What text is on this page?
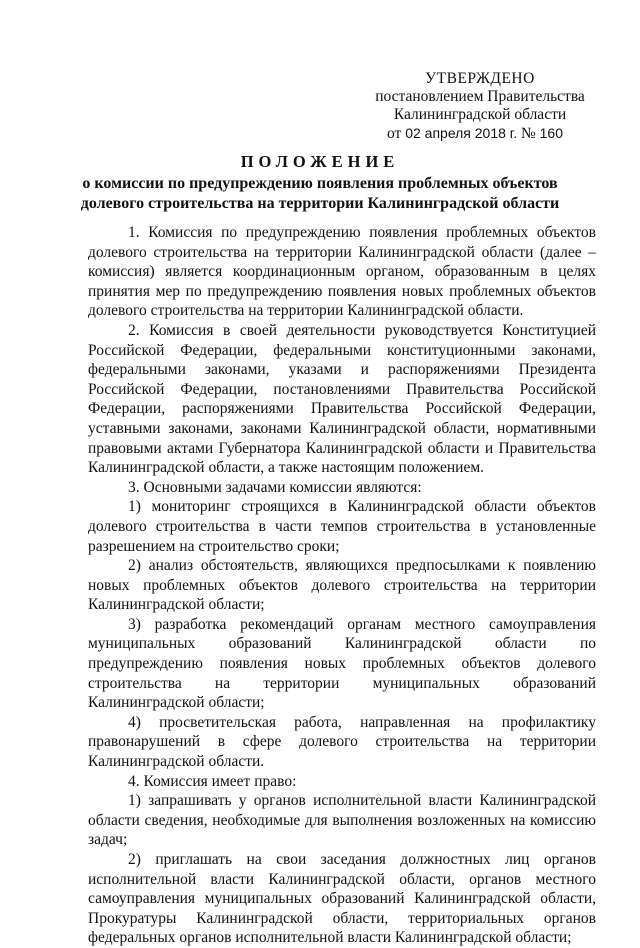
УТВЕРЖДЕНО
постановлением Правительства
Калининградской области
от 02 апреля 2018 г. № 160
ПОЛОЖЕНИЕ
о комиссии по предупреждению появления проблемных объектов
долевого строительства на территории Калининградской области

1. Комиссия по предупреждению появления проблемных объектов долевого строительства на территории Калининградской области (далее – комиссия) является координационным органом, образованным в целях принятия мер по предупреждению появления новых проблемных объектов долевого строительства на территории Калининградской области.

2. Комиссия в своей деятельности руководствуется Конституцией Российской Федерации, федеральными конституционными законами, федеральными законами, указами и распоряжениями Президента Российской Федерации, постановлениями Правительства Российской Федерации, распоряжениями Правительства Российской Федерации, уставными законами, законами Калининградской области, нормативными правовыми актами Губернатора Калининградской области и Правительства Калининградской области, а также настоящим положением.

3. Основными задачами комиссии являются:

1) мониторинг строящихся в Калининградской области объектов долевого строительства в части темпов строительства в установленные разрешением на строительство сроки;

2) анализ обстоятельств, являющихся предпосылками к появлению новых проблемных объектов долевого строительства на территории Калининградской области;

3) разработка рекомендаций органам местного самоуправления муниципальных образований Калининградской области по предупреждению появления новых проблемных объектов долевого строительства на территории муниципальных образований Калининградской области;

4) просветительская работа, направленная на профилактику правонарушений в сфере долевого строительства на территории Калининградской области.

4. Комиссия имеет право:

1) запрашивать у органов исполнительной власти Калининградской области сведения, необходимые для выполнения возложенных на комиссию задач;

2) приглашать на свои заседания должностных лиц органов исполнительной власти Калининградской области, органов местного самоуправления муниципальных образований Калининградской области, Прокуратуры Калининградской области, территориальных органов федеральных органов исполнительной власти Калининградской области;
